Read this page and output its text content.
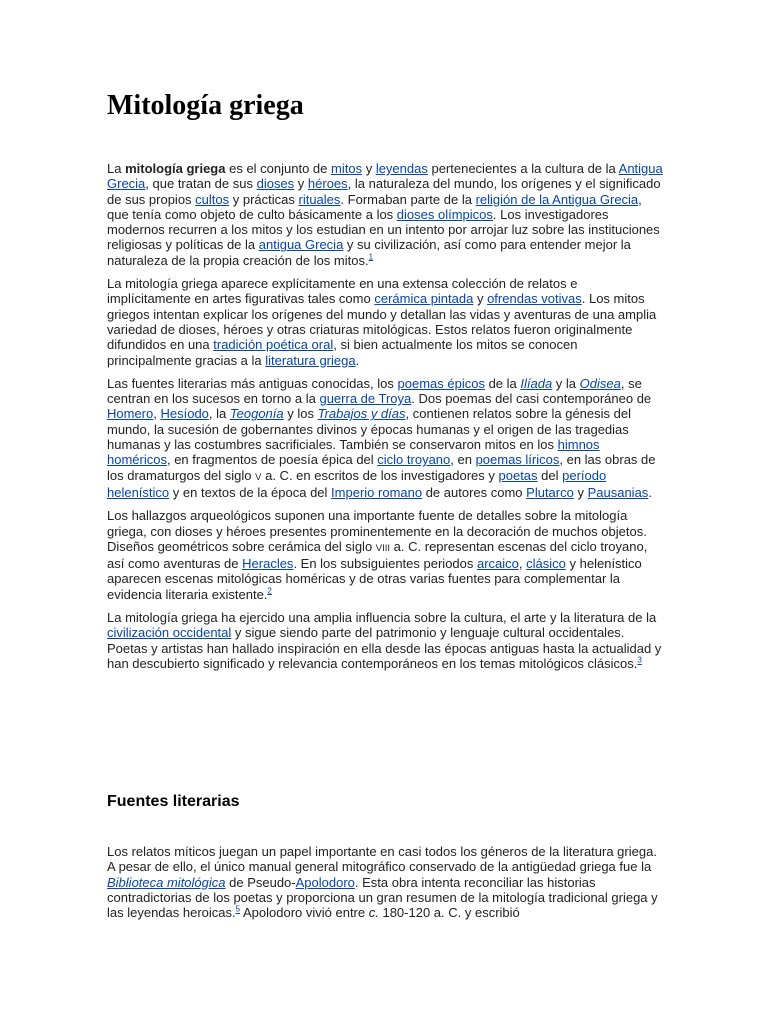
Mitología griega

La mitología griega es el conjunto de mitos y leyendas pertenecientes a la cultura de la Antigua Grecia, que tratan de sus dioses y héroes, la naturaleza del mundo, los orígenes y el significado de sus propios cultos y prácticas rituales. Formaban parte de la religión de la Antigua Grecia, que tenía como objeto de culto básicamente a los dioses olímpicos. Los investigadores modernos recurren a los mitos y los estudian en un intento por arrojar luz sobre las instituciones religiosas y políticas de la antigua Grecia y su civilización, así como para entender mejor la naturaleza de la propia creación de los mitos.$^1$

La mitología griega aparece explícitamente en una extensa colección de relatos e implícitamente en artes figurativas tales como cerámica pintada y ofrendas votivas. Los mitos griegos intentan explicar los orígenes del mundo y detallan las vidas y aventuras de una amplia variedad de dioses, héroes y otras criaturas mitológicas. Estos relatos fueron originalmente difundidos en una tradición poética oral, si bien actualmente los mitos se conocen principalmente gracias a la literatura griega.

Las fuentes literarias más antiguas conocidas, los poemas épicos de la Ilíada y la Odisea, se centran en los sucesos en torno a la guerra de Troya. Dos poemas del casi contemporáneo de Homero, Hesíodo, la Teogonía y los Trabajos y días, contienen relatos sobre la génesis del mundo, la sucesión de gobernantes divinos y épocas humanas y el origen de las tragedias humanas y las costumbres sacrificiales. También se conservaron mitos en los himnos homéricos, en fragmentos de poesía épica del ciclo troyano, en poemas líricos, en las obras de los dramaturgos del siglo V a. C. en escritos de los investigadores y poetas del período helenístico y en textos de la época del Imperio romano de autores como Plutarco y Pausanias.

Los hallazgos arqueológicos suponen una importante fuente de detalles sobre la mitología griega, con dioses y héroes presentes prominentemente en la decoración de muchos objetos. Diseños geométricos sobre cerámica del siglo VIII a. C. representan escenas del ciclo troyano, así como aventuras de Heracles. En los subsiguientes periodos arcaico, clásico y helenístico aparecen escenas mitológicas homéricas y de otras varias fuentes para complementar la evidencia literaria existente.$^2$

La mitología griega ha ejercido una amplia influencia sobre la cultura, el arte y la literatura de la civilización occidental y sigue siendo parte del patrimonio y lenguaje cultural occidentales. Poetas y artistas han hallado inspiración en ella desde las épocas antiguas hasta la actualidad y han descubierto significado y relevancia contemporáneos en los temas mitológicos clásicos.$^3$

Fuentes literarias

Los relatos míticos juegan un papel importante en casi todos los géneros de la literatura griega. A pesar de ello, el único manual general mitográfico conservado de la antigüedad griega fue la Biblioteca mitológica de Pseudo-Apolodoro. Esta obra intenta reconciliar las historias contradictorias de los poetas y proporciona un gran resumen de la mitología tradicional griega y las leyendas heroicas.$^5$ Apolodoro vivió entre c. 180-120 a. C. y escribió
